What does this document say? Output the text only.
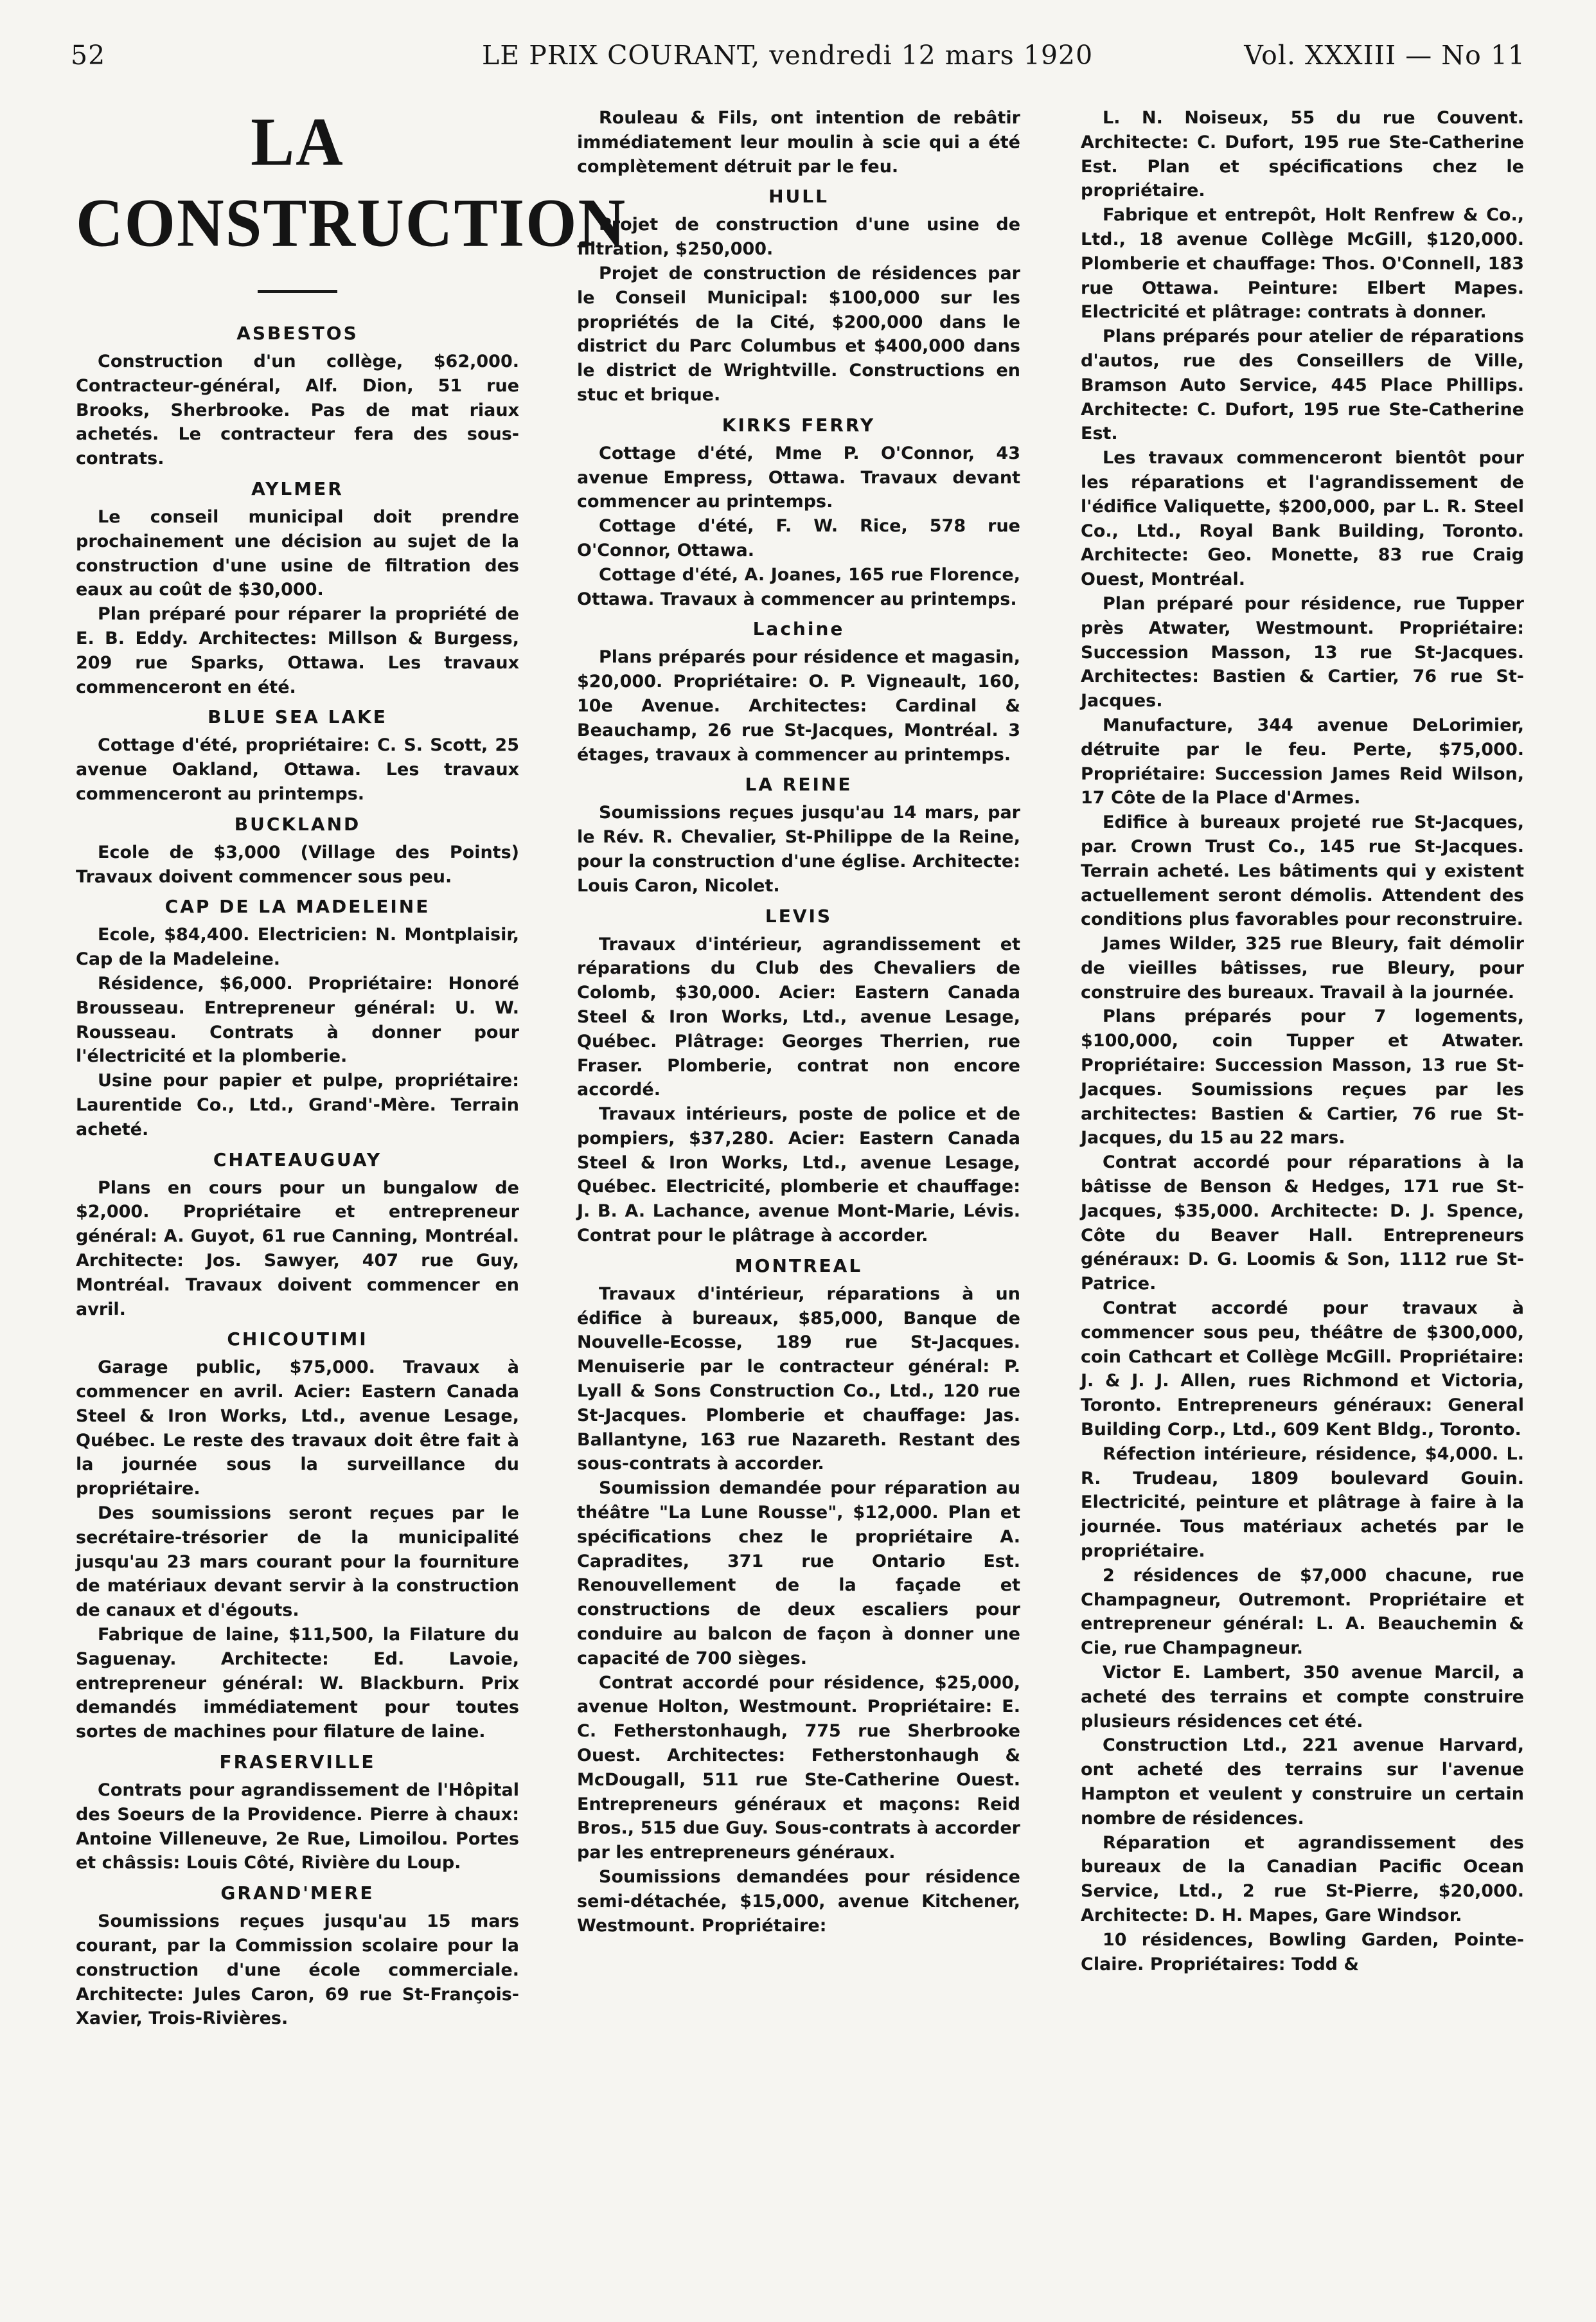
52	LE PRIX COURANT, vendredi 12 mars 1920	Vol. XXXIII — No 11
LA CONSTRUCTION
ASBESTOS

Construction d'un collège, $62,000. Contracteur-général, Alf. Dion, 51 rue Brooks, Sherbrooke. Pas de mat riaux achetés. Le contracteur fera des sous-contrats.

AYLMER

Le conseil municipal doit prendre prochainement une décision au sujet de la construction d'une usine de filtration des eaux au coût de $30,000.

Plan préparé pour réparer la propriété de E. B. Eddy. Architectes: Millson & Burgess, 209 rue Sparks, Ottawa. Les travaux commenceront en été.

BLUE SEA LAKE

Cottage d'été, propriétaire: C. S. Scott, 25 avenue Oakland, Ottawa. Les travaux commenceront au printemps.

BUCKLAND

Ecole de $3,000 (Village des Points) Travaux doivent commencer sous peu.

CAP DE LA MADELEINE

Ecole, $84,400. Electricien: N. Montplaisir, Cap de la Madeleine.

Résidence, $6,000. Propriétaire: Honoré Brousseau. Entrepreneur général: U. W. Rousseau. Contrats à donner pour l'électricité et la plomberie.

Usine pour papier et pulpe, propriétaire: Laurentide Co., Ltd., Grand'-Mère. Terrain acheté.

CHATEAUGUAY

Plans en cours pour un bungalow de $2,000. Propriétaire et entrepreneur général: A. Guyot, 61 rue Canning, Montréal. Architecte: Jos. Sawyer, 407 rue Guy, Montréal. Travaux doivent commencer en avril.

CHICOUTIMI

Garage public, $75,000. Travaux à commencer en avril. Acier: Eastern Canada Steel & Iron Works, Ltd., avenue Lesage, Québec. Le reste des travaux doit être fait à la journée sous la surveillance du propriétaire.

Des soumissions seront reçues par le secrétaire-trésorier de la municipalité jusqu'au 23 mars courant pour la fourniture de matériaux devant servir à la construction de canaux et d'égouts.

Fabrique de laine, $11,500, la Filature du Saguenay. Architecte: Ed. Lavoie, entrepreneur général: W. Blackburn. Prix demandés immédiatement pour toutes sortes de machines pour filature de laine.

FRASERVILLE

Contrats pour agrandissement de l'Hôpital des Soeurs de la Providence. Pierre à chaux: Antoine Villeneuve, 2e Rue, Limoilou. Portes et châssis: Louis Côté, Rivière du Loup.

GRAND'MERE

Soumissions reçues jusqu'au 15 mars courant, par la Commission scolaire pour la construction d'une école commerciale. Architecte: Jules Caron, 69 rue St-François-Xavier, Trois-Rivières.

Rouleau & Fils, ont intention de rebâtir immédiatement leur moulin à scie qui a été complètement détruit par le feu.

HULL

Projet de construction d'une usine de filtration, $250,000.

Projet de construction de résidences par le Conseil Municipal: $100,000 sur les propriétés de la Cité, $200,000 dans le district du Parc Columbus et $400,000 dans le district de Wrightville. Constructions en stuc et brique.

KIRKS FERRY

Cottage d'été, Mme P. O'Connor, 43 avenue Empress, Ottawa. Travaux devant commencer au printemps.

Cottage d'été, F. W. Rice, 578 rue O'Connor, Ottawa.

Cottage d'été, A. Joanes, 165 rue Florence, Ottawa. Travaux à commencer au printemps.

Lachine

Plans préparés pour résidence et magasin, $20,000. Propriétaire: O. P. Vigneault, 160, 10e Avenue. Architectes: Cardinal & Beauchamp, 26 rue St-Jacques, Montréal. 3 étages, travaux à commencer au printemps.

LA REINE

Soumissions reçues jusqu'au 14 mars, par le Rév. R. Chevalier, St-Philippe de la Reine, pour la construction d'une église. Architecte: Louis Caron, Nicolet.

LEVIS

Travaux d'intérieur, agrandissement et réparations du Club des Chevaliers de Colomb, $30,000. Acier: Eastern Canada Steel & Iron Works, Ltd., avenue Lesage, Québec. Plâtrage: Georges Therrien, rue Fraser. Plomberie, contrat non encore accordé.

Travaux intérieurs, poste de police et de pompiers, $37,280. Acier: Eastern Canada Steel & Iron Works, Ltd., avenue Lesage, Québec. Electricité, plomberie et chauffage: J. B. A. Lachance, avenue Mont-Marie, Lévis. Contrat pour le plâtrage à accorder.

MONTREAL

Travaux d'intérieur, réparations à un édifice à bureaux, $85,000, Banque de Nouvelle-Ecosse, 189 rue St-Jacques. Menuiserie par le contracteur général: P. Lyall & Sons Construction Co., Ltd., 120 rue St-Jacques. Plomberie et chauffage: Jas. Ballantyne, 163 rue Nazareth. Restant des sous-contrats à accorder.

Soumission demandée pour réparation au théâtre "La Lune Rousse", $12,000. Plan et spécifications chez le propriétaire A. Capradites, 371 rue Ontario Est. Renouvellement de la façade et constructions de deux escaliers pour conduire au balcon de façon à donner une capacité de 700 sièges.

Contrat accordé pour résidence, $25,000, avenue Holton, Westmount. Propriétaire: E. C. Fetherstonhaugh, 775 rue Sherbrooke Ouest. Architectes: Fetherstonhaugh & McDougall, 511 rue Ste-Catherine Ouest. Entrepreneurs généraux et maçons: Reid Bros., 515 due Guy. Sous-contrats à accorder par les entrepreneurs généraux.

Soumissions demandées pour résidence semi-détachée, $15,000, avenue Kitchener, Westmount. Propriétaire:

L. N. Noiseux, 55 du rue Couvent. Architecte: C. Dufort, 195 rue Ste-Catherine Est. Plan et spécifications chez le propriétaire.

Fabrique et entrepôt, Holt Renfrew & Co., Ltd., 18 avenue Collège McGill, $120,000. Plomberie et chauffage: Thos. O'Connell, 183 rue Ottawa. Peinture: Elbert Mapes. Electricité et plâtrage: contrats à donner.

Plans préparés pour atelier de réparations d'autos, rue des Conseillers de Ville, Bramson Auto Service, 445 Place Phillips. Architecte: C. Dufort, 195 rue Ste-Catherine Est.

Les travaux commenceront bientôt pour les réparations et l'agrandissement de l'édifice Valiquette, $200,000, par L. R. Steel Co., Ltd., Royal Bank Building, Toronto. Architecte: Geo. Monette, 83 rue Craig Ouest, Montréal.

Plan préparé pour résidence, rue Tupper près Atwater, Westmount. Propriétaire: Succession Masson, 13 rue St-Jacques. Architectes: Bastien & Cartier, 76 rue St-Jacques.

Manufacture, 344 avenue DeLorimier, détruite par le feu. Perte, $75,000. Propriétaire: Succession James Reid Wilson, 17 Côte de la Place d'Armes.

Edifice à bureaux projeté rue St-Jacques, par. Crown Trust Co., 145 rue St-Jacques. Terrain acheté. Les bâtiments qui y existent actuellement seront démolis. Attendent des conditions plus favorables pour reconstruire.

James Wilder, 325 rue Bleury, fait démolir de vieilles bâtisses, rue Bleury, pour construire des bureaux. Travail à la journée.

Plans préparés pour 7 logements, $100,000, coin Tupper et Atwater. Propriétaire: Succession Masson, 13 rue St-Jacques. Soumissions reçues par les architectes: Bastien & Cartier, 76 rue St-Jacques, du 15 au 22 mars.

Contrat accordé pour réparations à la bâtisse de Benson & Hedges, 171 rue St-Jacques, $35,000. Architecte: D. J. Spence, Côte du Beaver Hall. Entrepreneurs généraux: D. G. Loomis & Son, 1112 rue St-Patrice.

Contrat accordé pour travaux à commencer sous peu, théâtre de $300,000, coin Cathcart et Collège McGill. Propriétaire: J. & J. J. Allen, rues Richmond et Victoria, Toronto. Entrepreneurs généraux: General Building Corp., Ltd., 609 Kent Bldg., Toronto.

Réfection intérieure, résidence, $4,000. L. R. Trudeau, 1809 boulevard Gouin. Electricité, peinture et plâtrage à faire à la journée. Tous matériaux achetés par le propriétaire.

2 résidences de $7,000 chacune, rue Champagneur, Outremont. Propriétaire et entrepreneur général: L. A. Beauchemin & Cie, rue Champagneur.

Victor E. Lambert, 350 avenue Marcil, a acheté des terrains et compte construire plusieurs résidences cet été.

Construction Ltd., 221 avenue Harvard, ont acheté des terrains sur l'avenue Hampton et veulent y construire un certain nombre de résidences.

Réparation et agrandissement des bureaux de la Canadian Pacific Ocean Service, Ltd., 2 rue St-Pierre, $20,000. Architecte: D. H. Mapes, Gare Windsor.

10 résidences, Bowling Garden, Pointe-Claire. Propriétaires: Todd &
